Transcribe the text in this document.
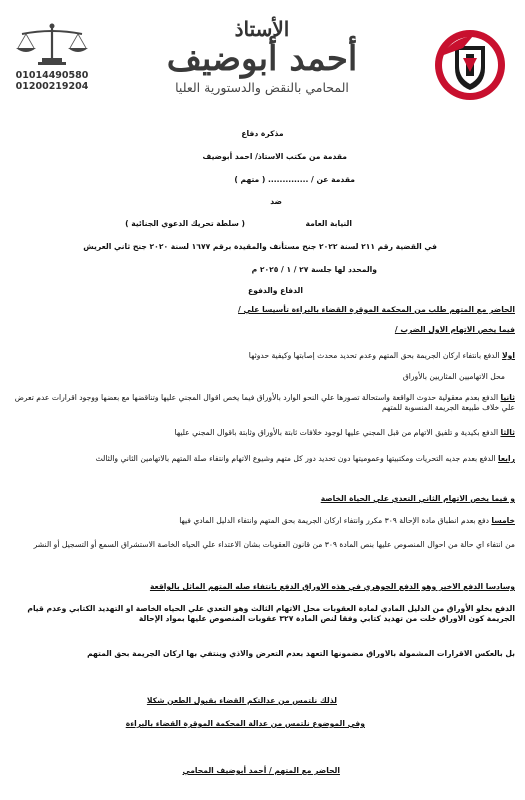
01014490580
01200219204
الأستاذ
أحمد أبوضيف
المحامي بالنقض والدستورية العليا
مذكرة دفاع
مقدمة من مكتب الاستاذ/ احمد أبوضيف
مقدمة عن / .............. ( متهم )
ضد
النيابة العامة
( سلطة تحريك الدعوي الجنائية )
في القضية رقم ٢١١ لسنة ٢٠٢٢ جنح مستأنف والمقيدة برقم ١٦٧٧ لسنة ٢٠٢٠ جنح ثاني العريش
والمحدد لها جلسة ٢٧ / ١ / ٢٠٢٥ م
الدفاع والدفوع
الحاضر مع المتهم طلب من المحكمة الموقرة القضاء بالبراءة تأسيسا علي /
فيما يخص الاتهام الاول الضرب /
اولا الدفع بانتفاء اركان الجريمة بحق المتهم وعدم تحديد محدث إصابتها وكيفية حدوثها
محل الاتهاميين المثاريين بالأوراق
ثانيا الدفع بعدم معقولية حدوث الواقعة واستحالة تصورها علي النحو الوارد بالأوراق فيما يخص اقوال المجني عليها وتناقضها مع بعضها ووجود اقرارات عدم تعرض علي خلاف طبيعة الجريمة المنسوبة للمتهم
ثالثا الدفع بكيدية و تلفيق الاتهام من قبل المجني عليها لوجود خلافات ثابتة بالأوراق وثابتة باقوال المجني عليها
رابعا الدفع بعدم جديه التحريات ومكتبيتها وعموميتها دون تحديد دور كل متهم وشيوع الاتهام وانتفاء صلة المتهم بالاتهامين الثاني والثالث
و فيما يخص الاتهام الثاني التعدي علي الحياة الخاصة
خامسا دفع بعدم انطباق مادة الإحالة ٣٠٩ مكرر وانتفاء اركان الجريمة بحق المتهم وانتفاء الدليل المادي فيها
من انتفاء اي حالة من احوال المنصوص عليها بنص المادة ٣٠٩ من قانون العقوبات بشان الاعتداء علي الحياه الخاصة الاستشراق السمع أو التسجيل أو النشر
وسادسا الدفع الاخير وهو الدفع الجوهري في هذه الاوراق الدفع بانتفاء صله المتهم الماثل بالواقعة
الدفع بخلو الأوراق من الدليل المادي لمادة العقوبات محل الاتهام الثالث وهو التعدي علي الحياه الخاصة او التهديد الكتابي وعدم قيام الجريمة كون الاوراق خلت من تهديد كتابي وفقا لنص المادة ٣٢٧ عقوبات المنصوص عليها بمواد الإحالة
بل بالعكس الاقرارات المشمولة بالاوراق مضمونها التعهد بعدم التعرض والاذي وينتفي بها اركان الجريمة بحق المتهم
لذلك نلتمس من عدالتكم القضاء بقبول الطعن شكلا
وفي الموضوع نلتمس من عدالة المحكمة الموقرة القضاء بالبراءة
الحاضر مع المتهم / أحمد أبوضيف المحامي
